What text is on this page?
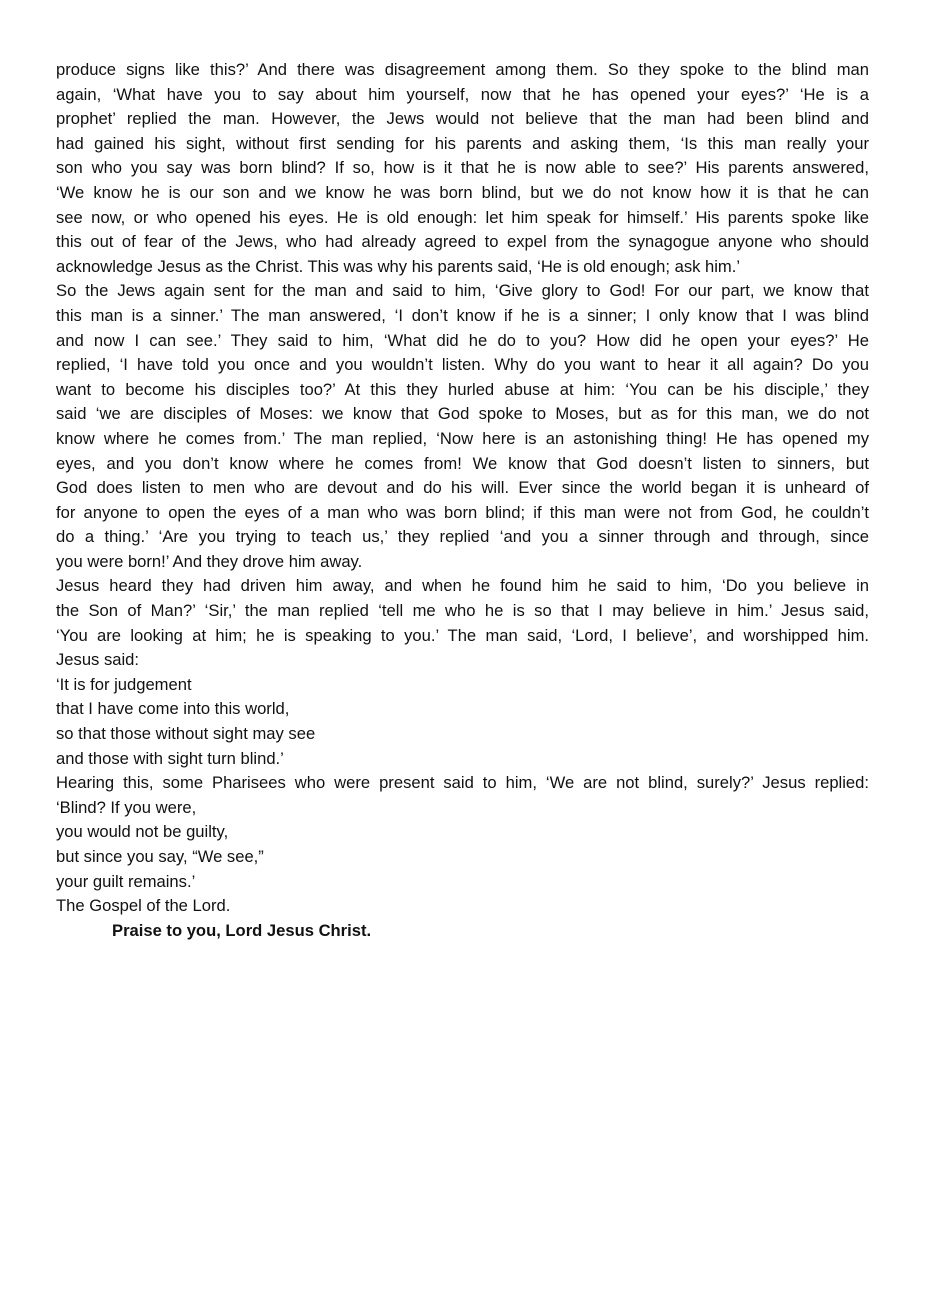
produce signs like this?’ And there was disagreement among them. So they spoke to the blind man
again, ‘What have you to say about him yourself, now that he has opened your eyes?’ ‘He is a
prophet’ replied the man. However, the Jews would not believe that the man had been blind and
had gained his sight, without first sending for his parents and asking them, ‘Is this man really your
son who you say was born blind? If so, how is it that he is now able to see?’ His parents answered,
‘We know he is our son and we know he was born blind, but we do not know how it is that he can
see now, or who opened his eyes. He is old enough: let him speak for himself.’ His parents spoke like
this out of fear of the Jews, who had already agreed to expel from the synagogue anyone who should
acknowledge Jesus as the Christ. This was why his parents said, ‘He is old enough; ask him.’
So the Jews again sent for the man and said to him, ‘Give glory to God! For our part, we know that
this man is a sinner.’ The man answered, ‘I don’t know if he is a sinner; I only know that I was blind
and now I can see.’ They said to him, ‘What did he do to you? How did he open your eyes?’ He
replied, ‘I have told you once and you wouldn’t listen. Why do you want to hear it all again? Do you
want to become his disciples too?’ At this they hurled abuse at him: ‘You can be his disciple,’ they
said ‘we are disciples of Moses: we know that God spoke to Moses, but as for this man, we do not
know where he comes from.’ The man replied, ‘Now here is an astonishing thing! He has opened my
eyes, and you don’t know where he comes from! We know that God doesn’t listen to sinners, but
God does listen to men who are devout and do his will. Ever since the world began it is unheard of
for anyone to open the eyes of a man who was born blind; if this man were not from God, he couldn’t
do a thing.’ ‘Are you trying to teach us,’ they replied ‘and you a sinner through and through, since
you were born!’ And they drove him away.
Jesus heard they had driven him away, and when he found him he said to him, ‘Do you believe in
the Son of Man?’ ‘Sir,’ the man replied ‘tell me who he is so that I may believe in him.’ Jesus said,
‘You are looking at him; he is speaking to you.’ The man said, ‘Lord, I believe’, and worshipped him.
Jesus said:
‘It is for judgement
that I have come into this world,
so that those without sight may see
and those with sight turn blind.’
Hearing this, some Pharisees who were present said to him, ‘We are not blind, surely?’ Jesus replied:
‘Blind? If you were,
you would not be guilty,
but since you say, “We see,”
your guilt remains.’
The Gospel of the Lord.
Praise to you, Lord Jesus Christ.
